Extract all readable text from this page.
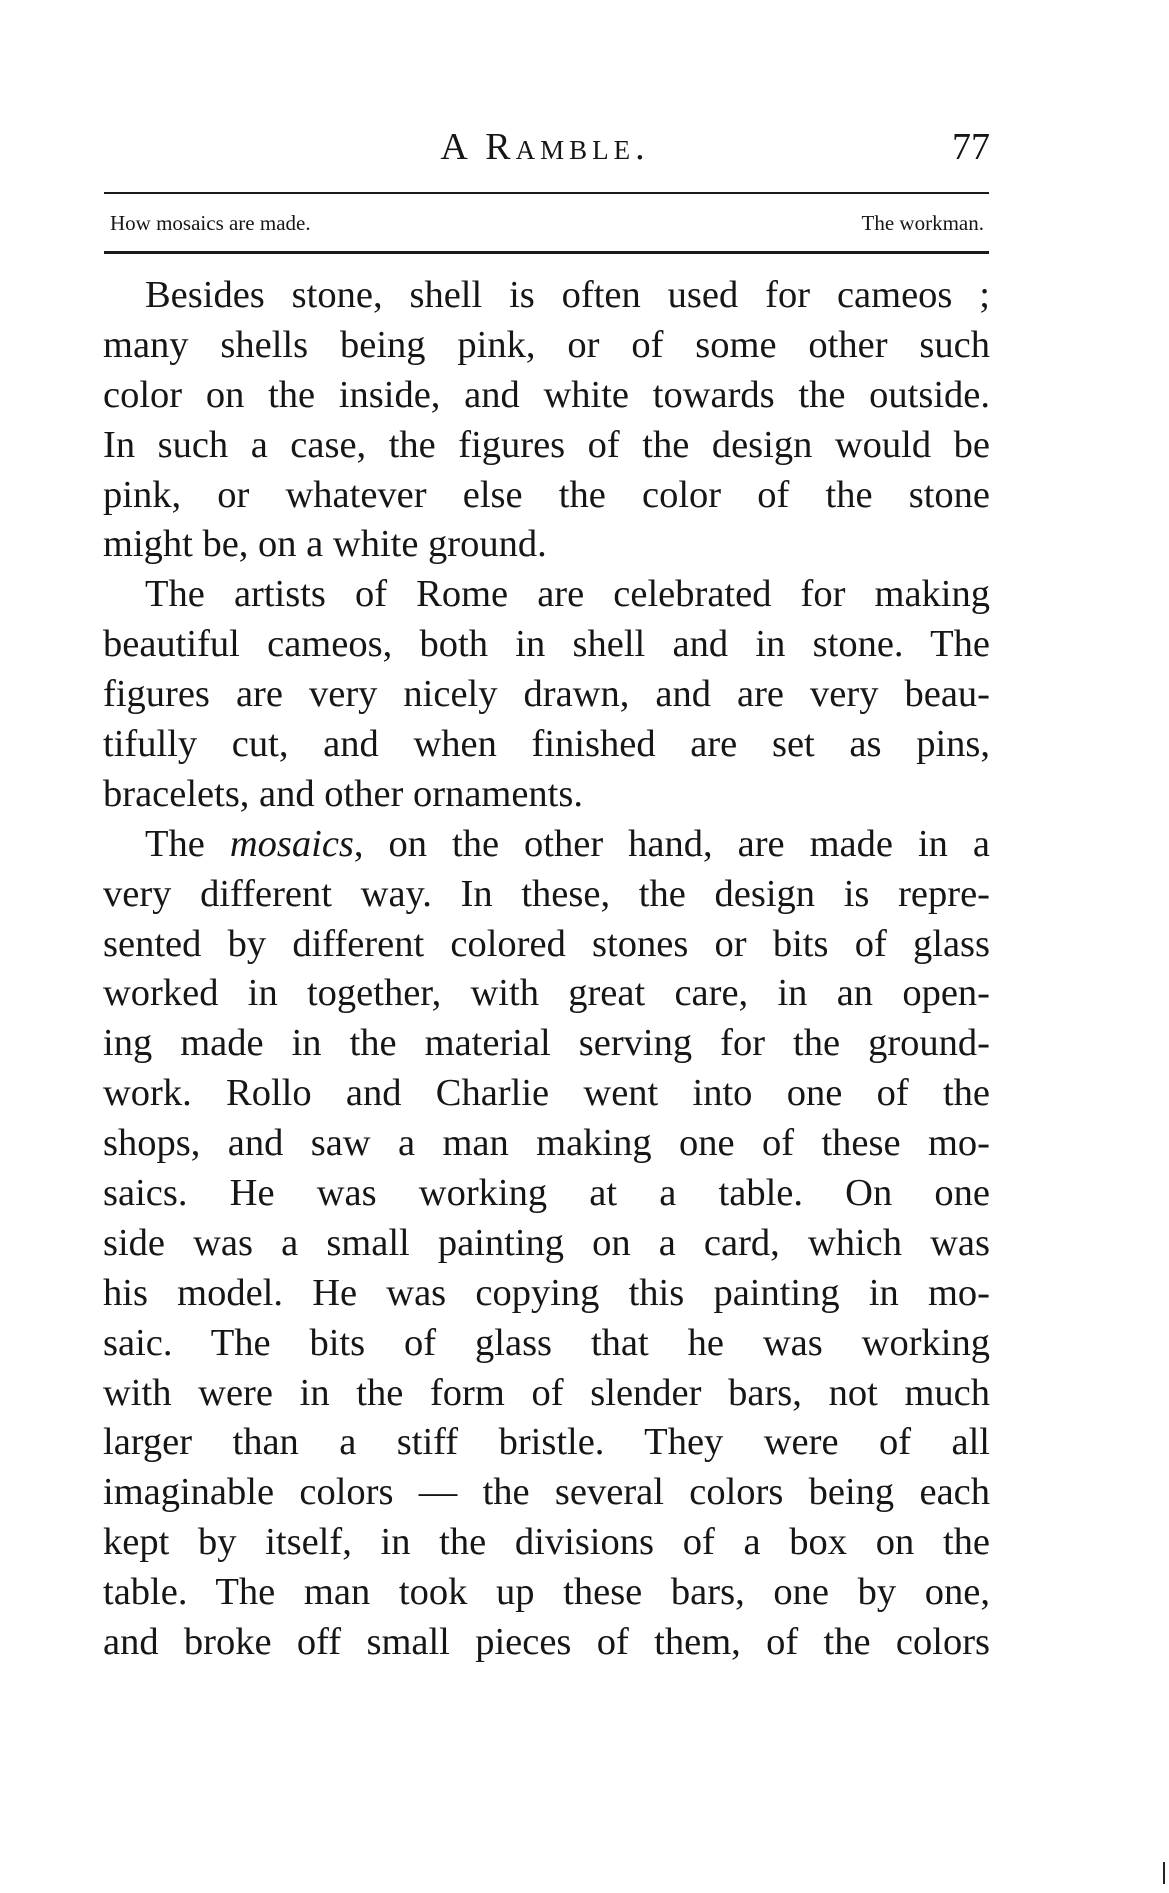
A Ramble.	77
How mosaics are made.	The workman.
Besides stone, shell is often used for cameos ;
many shells being pink, or of some other such
color on the inside, and white towards the outside.
In such a case, the figures of the design would be
pink, or whatever else the color of the stone
might be, on a white ground.
The artists of Rome are celebrated for making
beautiful cameos, both in shell and in stone. The
figures are very nicely drawn, and are very beau-
tifully cut, and when finished are set as pins,
bracelets, and other ornaments.
The mosaics, on the other hand, are made in a
very different way. In these, the design is repre-
sented by different colored stones or bits of glass
worked in together, with great care, in an open-
ing made in the material serving for the ground-
work. Rollo and Charlie went into one of the
shops, and saw a man making one of these mo-
saics. He was working at a table. On one
side was a small painting on a card, which was
his model. He was copying this painting in mo-
saic. The bits of glass that he was working
with were in the form of slender bars, not much
larger than a stiff bristle. They were of all
imaginable colors — the several colors being each
kept by itself, in the divisions of a box on the
table. The man took up these bars, one by one,
and broke off small pieces of them, of the colors
